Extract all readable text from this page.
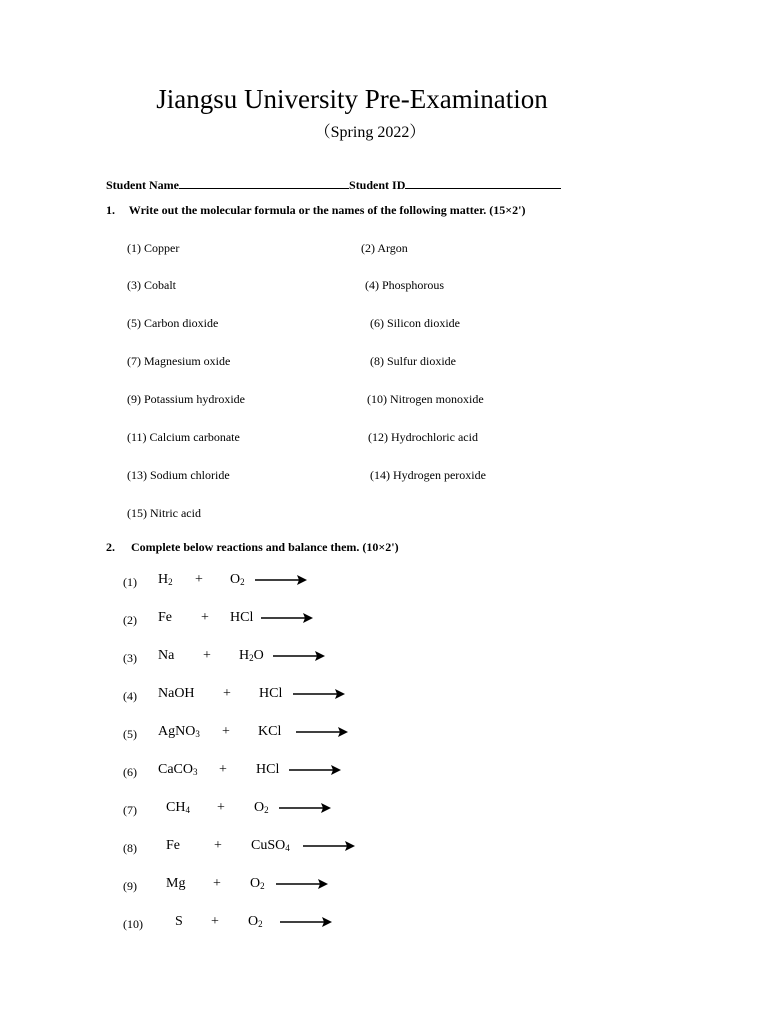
Jiangsu University Pre-Examination
（Spring 2022）
Student Name	Student ID
1. Write out the molecular formula or the names of the following matter. (15×2')
(1) Copper	(2) Argon
(3) Cobalt	(4) Phosphorous
(5) Carbon dioxide	(6) Silicon dioxide
(7) Magnesium oxide	(8) Sulfur dioxide
(9) Potassium hydroxide	(10) Nitrogen monoxide
(11) Calcium carbonate	(12) Hydrochloric acid
(13) Sodium chloride	(14) Hydrogen peroxide
(15) Nitric acid
2. Complete below reactions and balance them. (10×2')
(1) $H_2 + O_2$ →
(2) Fe + HCl →
(3) $Na + H_2O$ →
(4) NaOH + HCl →
(5) AgNO$_3$ + KCl →
(6) CaCO$_3$ + HCl →
(7) $CH_4 + O_2$ →
(8) Fe + CuSO$_4$ →
(9) $Mg + O_2$ →
(10) $S + O_2$ →
